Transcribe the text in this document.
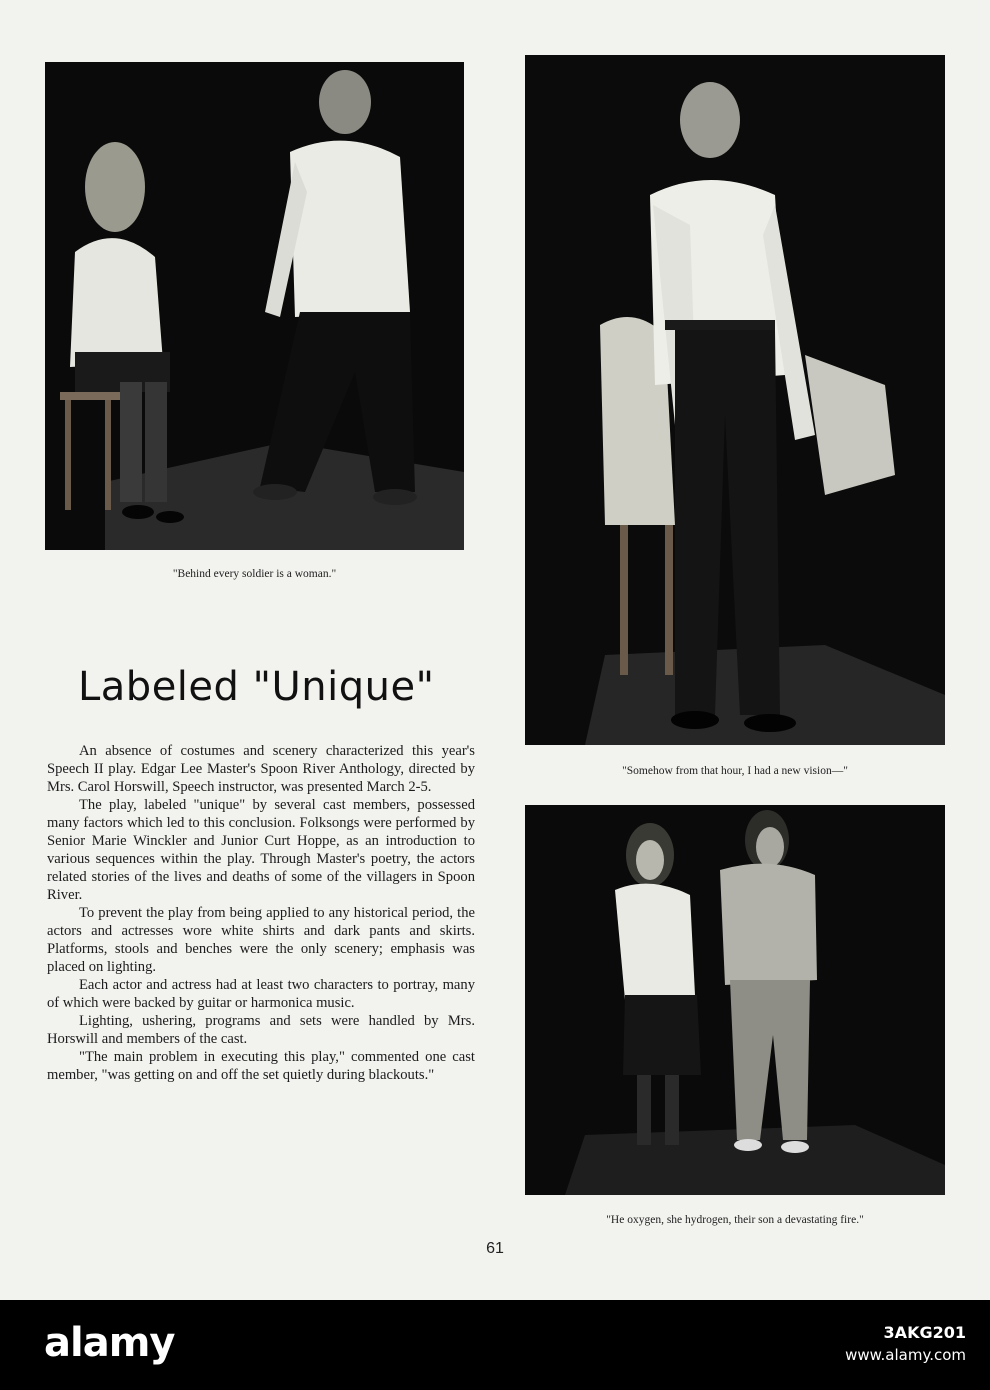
"Behind every soldier is a woman."
"Somehow from that hour, I had a new vision—"
"He oxygen, she hydrogen, their son a devastating fire."
Labeled "Unique"

An absence of costumes and scenery characterized this year's Speech II play. Edgar Lee Master's Spoon River Anthology, directed by Mrs. Carol Horswill, Speech instructor, was presented March 2-5.

The play, labeled "unique" by several cast members, possessed many factors which led to this conclusion. Folksongs were performed by Senior Marie Winckler and Junior Curt Hoppe, as an introduction to various sequences within the play. Through Master's poetry, the actors related stories of the lives and deaths of some of the villagers in Spoon River.

To prevent the play from being applied to any historical period, the actors and actresses wore white shirts and dark pants and skirts. Platforms, stools and benches were the only scenery; emphasis was placed on lighting.

Each actor and actress had at least two characters to portray, many of which were backed by guitar or harmonica music.

Lighting, ushering, programs and sets were handled by Mrs. Horswill and members of the cast.

"The main problem in executing this play," commented one cast member, "was getting on and off the set quietly during blackouts."

61
alamy	3AKG201
www.alamy.com
